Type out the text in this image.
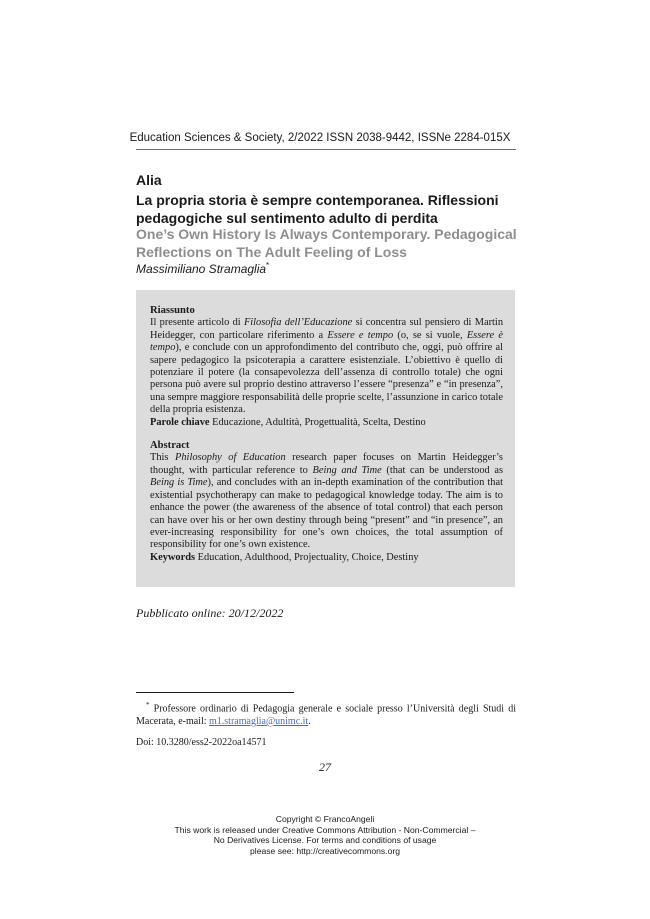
Education Sciences & Society, 2/2022 ISSN 2038-9442, ISSNe 2284-015X
Alia
La propria storia è sempre contemporanea. Riflessioni pedagogiche sul sentimento adulto di perdita
One’s Own History Is Always Contemporary. Pedagogical Reflections on The Adult Feeling of Loss
Massimiliano Stramaglia*
Riassunto

Il presente articolo di Filosofia dell’Educazione si concentra sul pensiero di Martin Heidegger, con particolare riferimento a Essere e tempo (o, se si vuole, Essere è tempo), e conclude con un approfondimento del contributo che, oggi, può offrire al sapere pedagogico la psicoterapia a carattere esistenziale. L’obiettivo è quello di potenziare il potere (la consapevolezza dell’assenza di controllo totale) che ogni persona può avere sul proprio destino attraverso l’essere “presenza” e “in presenza”, una sempre maggiore responsabilità delle proprie scelte, l’assunzione in carico totale della propria esistenza.

Parole chiave Educazione, Adultità, Progettualità, Scelta, Destino

Abstract

This Philosophy of Education research paper focuses on Martin Heidegger’s thought, with particular reference to Being and Time (that can be understood as Being is Time), and concludes with an in-depth examination of the contribution that existential psychotherapy can make to pedagogical knowledge today. The aim is to enhance the power (the awareness of the absence of total control) that each person can have over his or her own destiny through being “present” and “in presence”, an ever-increasing responsibility for one’s own choices, the total assumption of responsibility for one’s own existence.

Keywords Education, Adulthood, Projectuality, Choice, Destiny

Pubblicato online: 20/12/2022
* Professore ordinario di Pedagogia generale e sociale presso l’Università degli Studi di Macerata, e-mail: m1.stramaglia@unimc.it.
Doi: 10.3280/ess2-2022oa14571
27
Copyright © FrancoAngeli
This work is released under Creative Commons Attribution - Non-Commercial –
No Derivatives License. For terms and conditions of usage
please see: http://creativecommons.org
